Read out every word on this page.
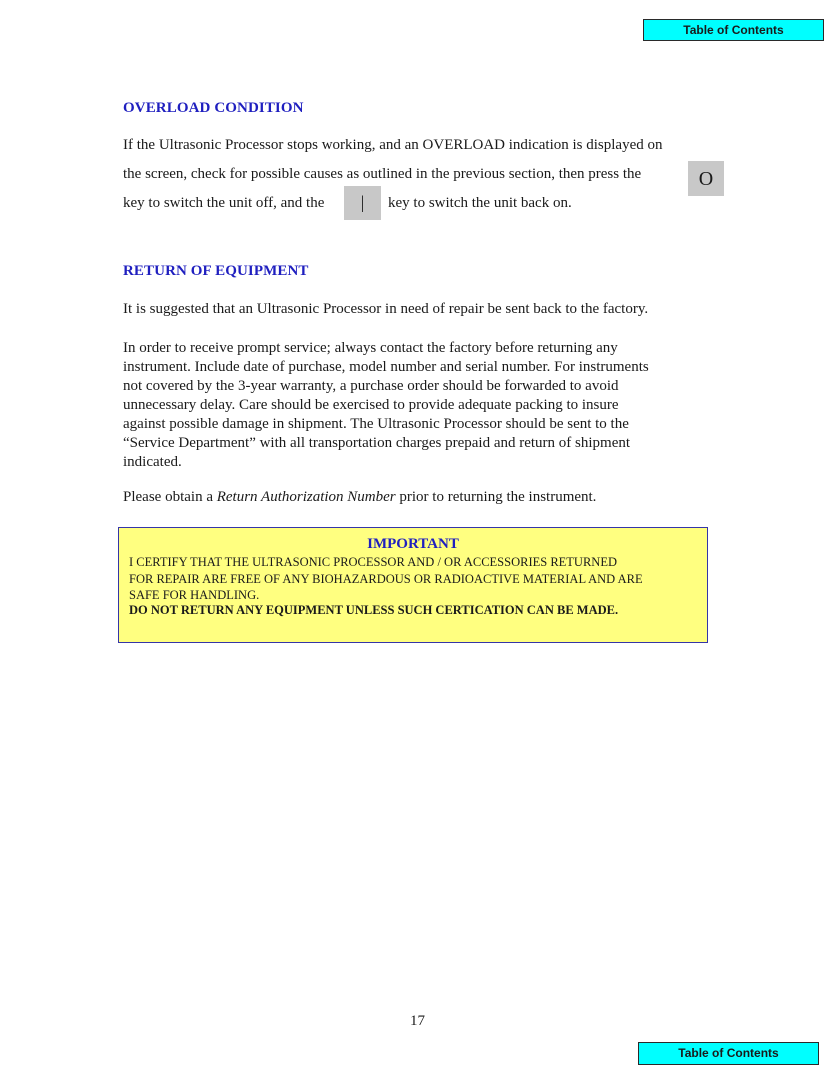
Table of Contents
OVERLOAD CONDITION
If the Ultrasonic Processor stops working, and an OVERLOAD indication is displayed on
the screen, check for possible causes as outlined in the previous section, then press the	O
key to switch the unit off, and the	|	key to switch the unit back on.
RETURN OF EQUIPMENT
It is suggested that an Ultrasonic Processor in need of repair be sent back to the factory.
In order to receive prompt service; always contact the factory before returning any
instrument. Include date of purchase, model number and serial number. For instruments
not covered by the 3-year warranty, a purchase order should be forwarded to avoid
unnecessary delay. Care should be exercised to provide adequate packing to insure
against possible damage in shipment. The Ultrasonic Processor should be sent to the
“Service Department” with all transportation charges prepaid and return of shipment
indicated.
Please obtain a Return Authorization Number prior to returning the instrument.
IMPORTANT
I CERTIFY THAT THE ULTRASONIC PROCESSOR AND / OR ACCESSORIES RETURNED
FOR REPAIR ARE FREE OF ANY BIOHAZARDOUS OR RADIOACTIVE MATERIAL AND ARE
SAFE FOR HANDLING.
DO NOT RETURN ANY EQUIPMENT UNLESS SUCH CERTICATION CAN BE MADE.
17
Table of Contents
